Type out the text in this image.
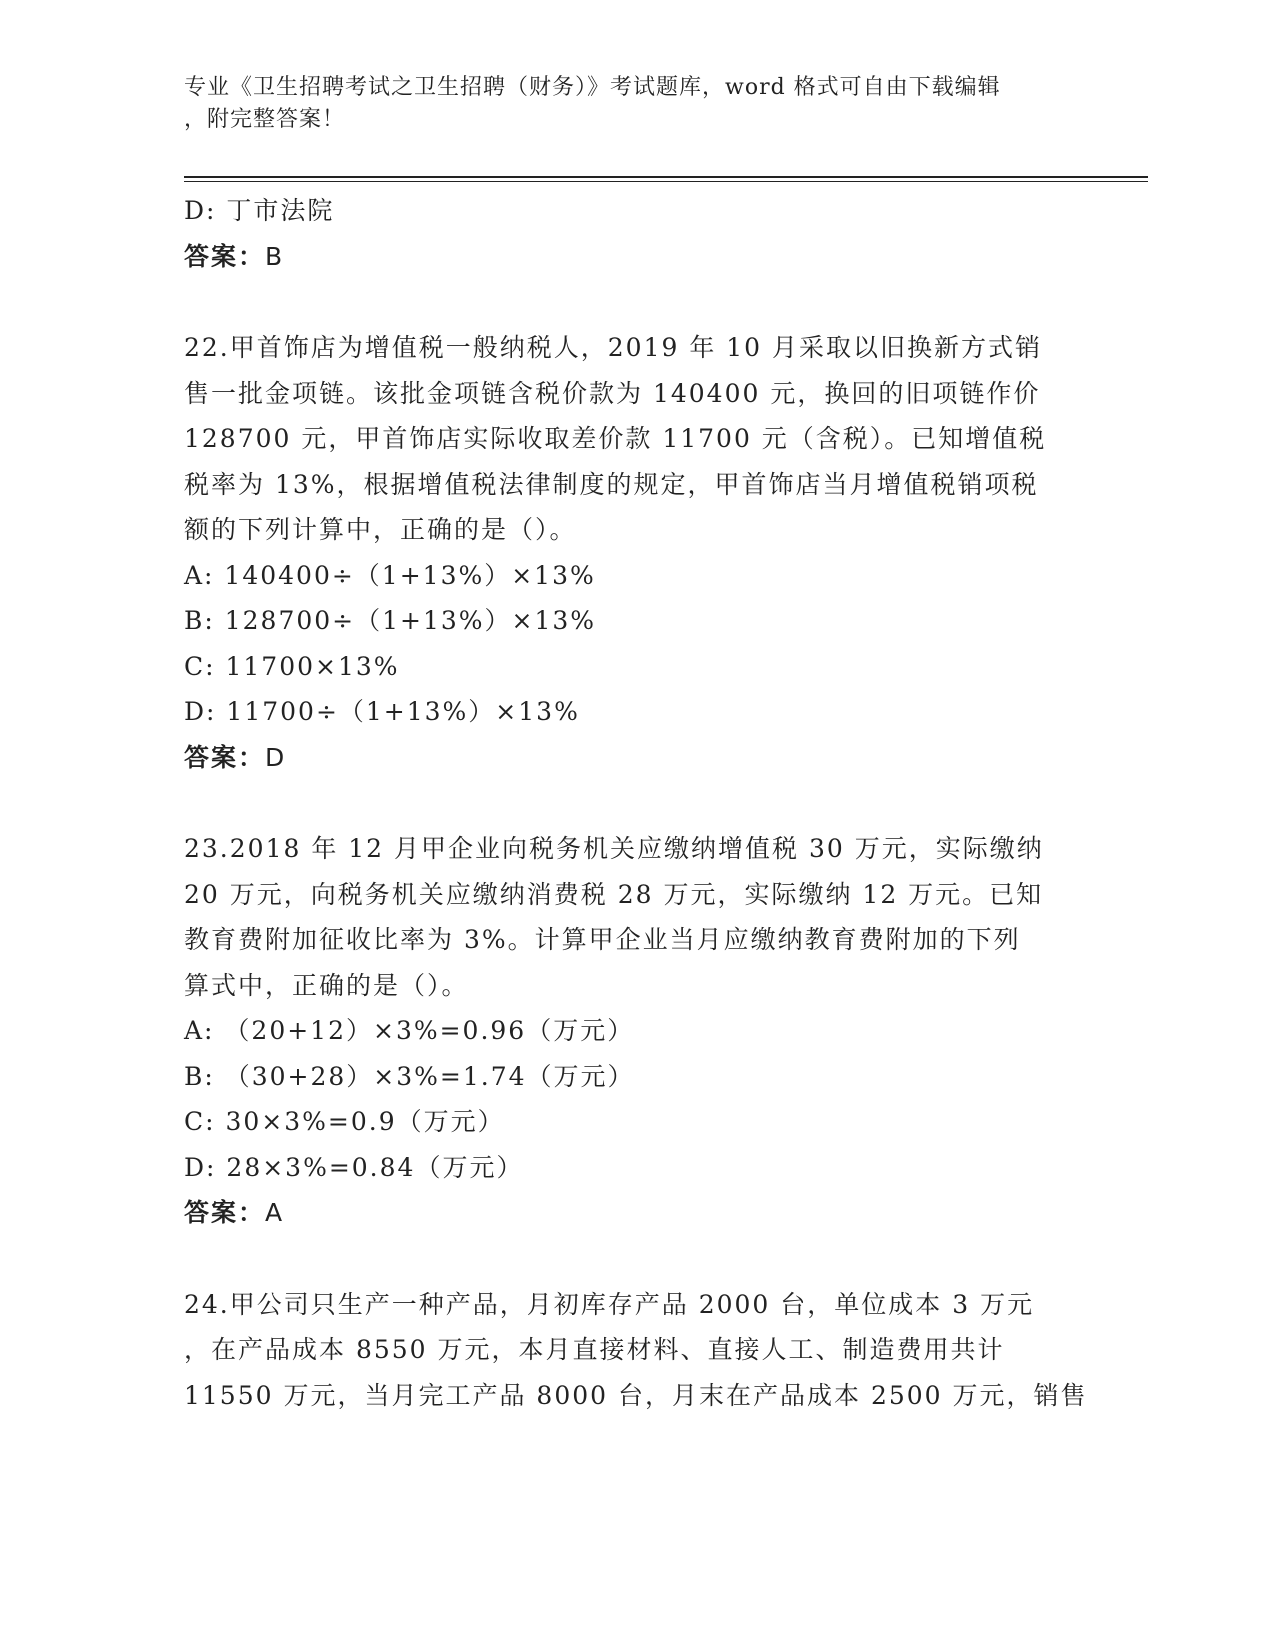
专业《卫生招聘考试之卫生招聘（财务）》考试题库，word 格式可自由下载编辑
，附完整答案！
D: 丁市法院
答案：B
22.甲首饰店为增值税一般纳税人，2019 年 10 月采取以旧换新方式销
售一批金项链。该批金项链含税价款为 140400 元，换回的旧项链作价
128700 元，甲首饰店实际收取差价款 11700 元（含税）。已知增值税
税率为 13%，根据增值税法律制度的规定，甲首饰店当月增值税销项税
额的下列计算中，正确的是（）。
A: 140400÷（1+13%）×13%
B: 128700÷（1+13%）×13%
C: 11700×13%
D: 11700÷（1+13%）×13%
答案：D
23.2018 年 12 月甲企业向税务机关应缴纳增值税 30 万元，实际缴纳
20 万元，向税务机关应缴纳消费税 28 万元，实际缴纳 12 万元。已知
教育费附加征收比率为 3%。计算甲企业当月应缴纳教育费附加的下列
算式中，正确的是（）。
A: （20+12）×3%=0.96（万元）
B: （30+28）×3%=1.74（万元）
C: 30×3%=0.9（万元）
D: 28×3%=0.84（万元）
答案：A
24.甲公司只生产一种产品，月初库存产品 2000 台，单位成本 3 万元
，在产品成本 8550 万元，本月直接材料、直接人工、制造费用共计
11550 万元，当月完工产品 8000 台，月末在产品成本 2500 万元，销售
